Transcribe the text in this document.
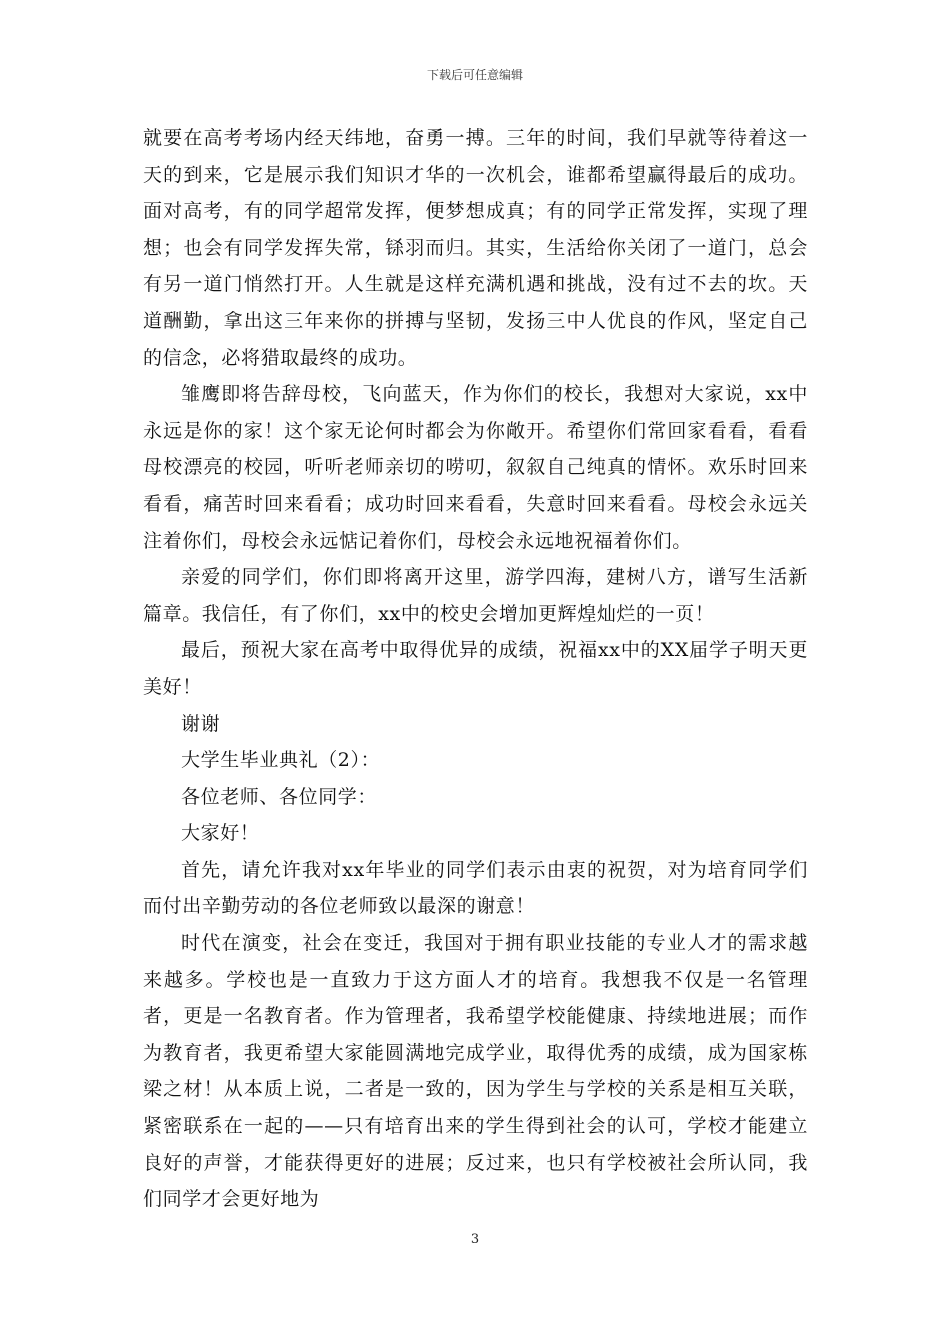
下载后可任意编辑

就要在高考考场内经天纬地，奋勇一搏。三年的时间，我们早就等待着这一天的到来，它是展示我们知识才华的一次机会，谁都希望赢得最后的成功。面对高考，有的同学超常发挥，便梦想成真；有的同学正常发挥，实现了理想；也会有同学发挥失常，铩羽而归。其实，生活给你关闭了一道门，总会有另一道门悄然打开。人生就是这样充满机遇和挑战，没有过不去的坎。天道酬勤，拿出这三年来你的拼搏与坚韧，发扬三中人优良的作风，坚定自己的信念，必将猎取最终的成功。

雏鹰即将告辞母校，飞向蓝天，作为你们的校长，我想对大家说，xx中永远是你的家！这个家无论何时都会为你敞开。希望你们常回家看看，看看母校漂亮的校园，听听老师亲切的唠叨，叙叙自己纯真的情怀。欢乐时回来看看，痛苦时回来看看；成功时回来看看，失意时回来看看。母校会永远关注着你们，母校会永远惦记着你们，母校会永远地祝福着你们。

亲爱的同学们，你们即将离开这里，游学四海，建树八方，谱写生活新篇章。我信任，有了你们，xx中的校史会增加更辉煌灿烂的一页！

最后，预祝大家在高考中取得优异的成绩，祝福xx中的XX届学子明天更美好！

谢谢

大学生毕业典礼（2）：

各位老师、各位同学：

大家好！

首先，请允许我对xx年毕业的同学们表示由衷的祝贺，对为培育同学们而付出辛勤劳动的各位老师致以最深的谢意！

时代在演变，社会在变迁，我国对于拥有职业技能的专业人才的需求越来越多。学校也是一直致力于这方面人才的培育。我想我不仅是一名管理者，更是一名教育者。作为管理者，我希望学校能健康、持续地进展；而作为教育者，我更希望大家能圆满地完成学业，取得优秀的成绩，成为国家栋梁之材！从本质上说，二者是一致的，因为学生与学校的关系是相互关联，紧密联系在一起的——只有培育出来的学生得到社会的认可，学校才能建立良好的声誉，才能获得更好的进展；反过来，也只有学校被社会所认同，我们同学才会更好地为

3
